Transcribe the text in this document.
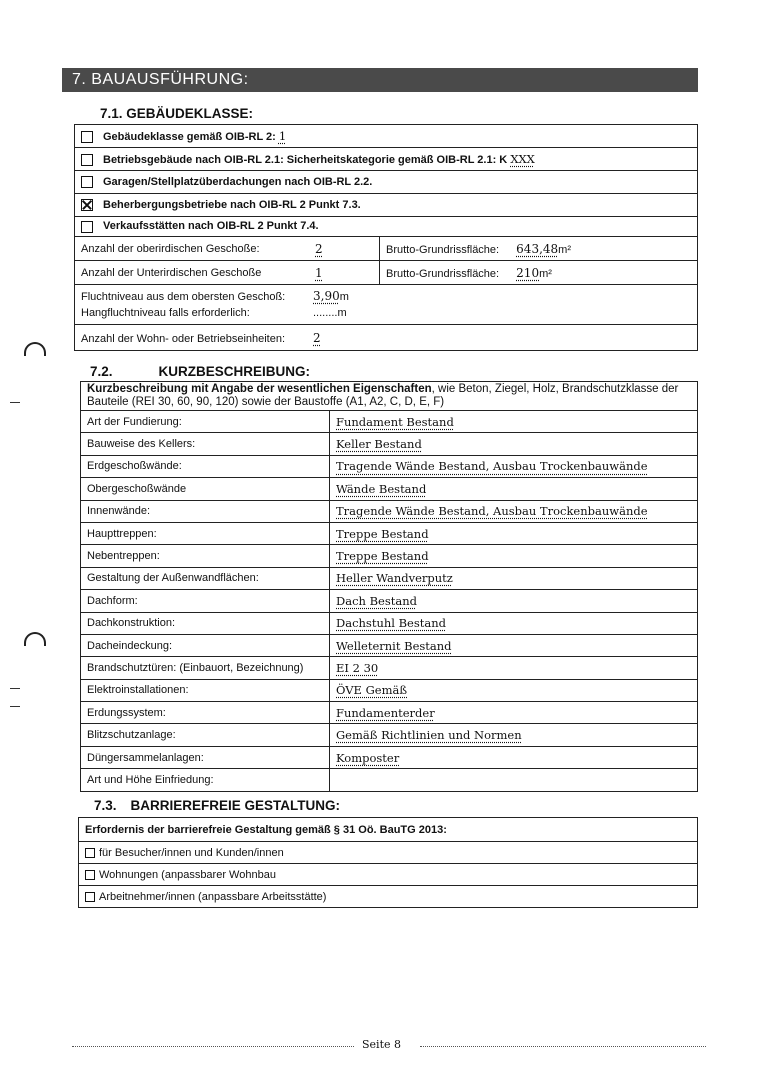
7. BAUAUSFÜHRUNG:
7.1. GEBÄUDEKLASSE:
Gebäudeklasse gemäß OIB-RL 2: 1		
Betriebsgebäude nach OIB-RL 2.1: Sicherheitskategorie gemäß OIB-RL 2.1: K XXX		
Garagen/Stellplatzüberdachungen nach OIB-RL 2.2.		
Beherbergungsbetriebe nach OIB-RL 2 Punkt 7.3.		
Verkaufsstätten nach OIB-RL 2 Punkt 7.4.		
Anzahl der oberirdischen Geschoße:	2	Brutto-Grundrissfläche: 643,48m²
Anzahl der Unterirdischen Geschoße	1	Brutto-Grundrissfläche: 210m²

Fluchtniveau aus dem obersten Geschoß: 3,90m
Hangfluchtniveau falls erforderlich: ........m		

Anzahl der Wohn- oder Betriebseinheiten: 2		
7.2.	KURZBESCHREIBUNG:
Kurzbeschreibung mit Angabe der wesentlichen Eigenschaften, wie Beton, Ziegel, Holz, Brandschutzklasse der Bauteile (REI 30, 60, 90, 120) sowie der Baustoffe (A1, A2, C, D, E, F)	
Art der Fundierung:	Fundament Bestand
Bauweise des Kellers:	Keller Bestand
Erdgeschoßwände:	Tragende Wände Bestand, Ausbau Trockenbauwände
Obergeschoßwände	Wände Bestand
Innenwände:	Tragende Wände Bestand, Ausbau Trockenbauwände
Haupttreppen:	Treppe Bestand
Nebentreppen:	Treppe Bestand
Gestaltung der Außenwandflächen:	Heller Wandverputz
Dachform:	Dach Bestand
Dachkonstruktion:	Dachstuhl Bestand
Dacheindeckung:	Welleternit Bestand
Brandschutztüren: (Einbauort, Bezeichnung)	EI 2 30
Elektroinstallationen:	ÖVE Gemäß
Erdungssystem:	Fundamenterder
Blitzschutzanlage:	Gemäß Richtlinien und Normen
Düngersammelanlagen:	Komposter
Art und Höhe Einfriedung:	
7.3. BARRIEREFREIE GESTALTUNG:
Erfordernis der barrierefreie Gestaltung gemäß § 31 Oö. BauTG 2013:
für Besucher/innen und Kunden/innen
Wohnungen (anpassbarer Wohnbau
Arbeitnehmer/innen (anpassbare Arbeitsstätte)
Seite 8
